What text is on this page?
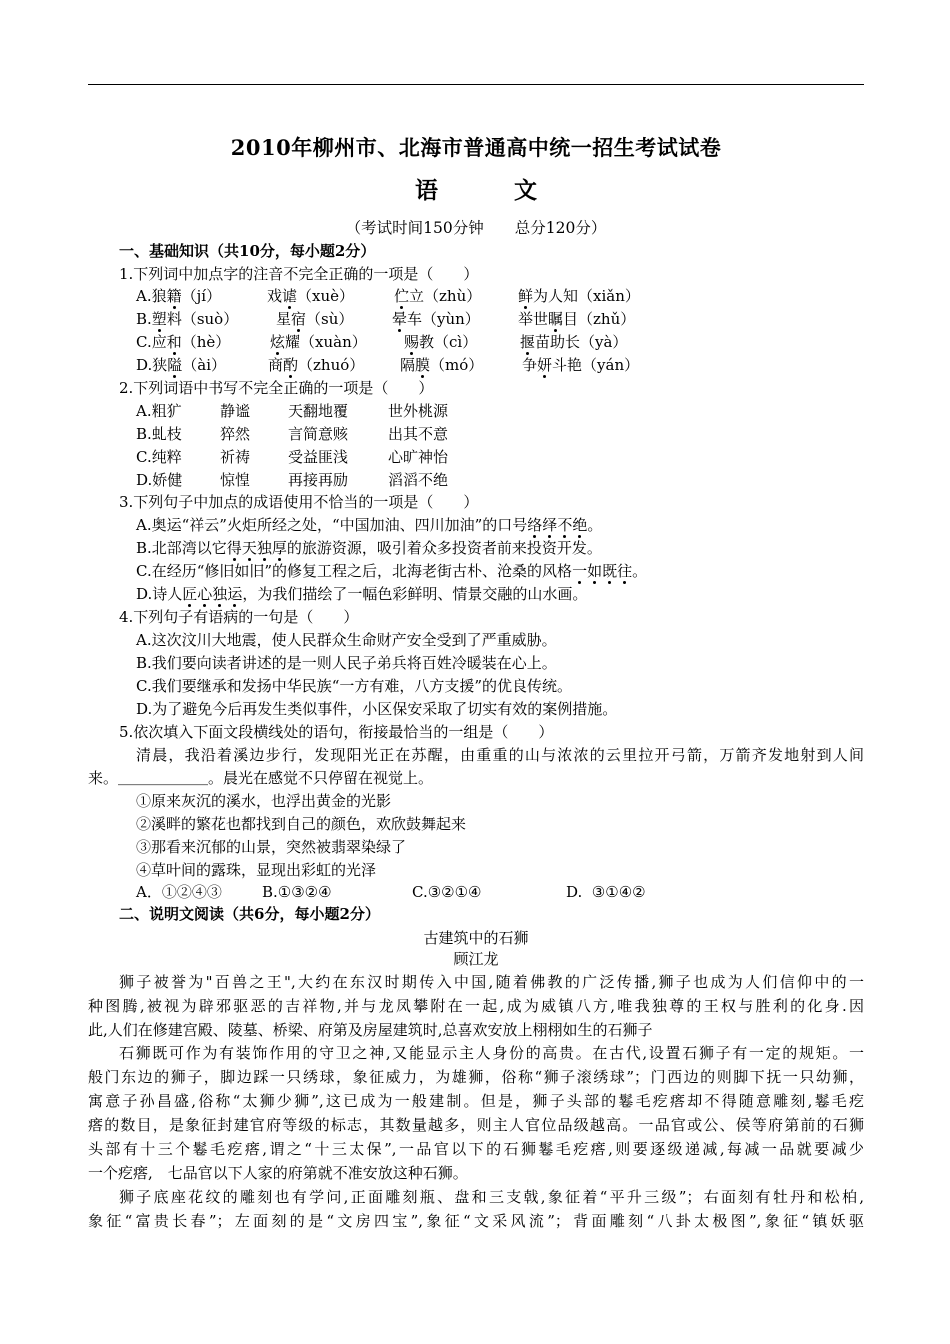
2010年柳州市、北海市普通高中统一招生考试试卷
语	文
（考试时间150分钟　　总分120分）
一、基础知识（共10分，每小题2分）
1.下列词中加点字的注音不完全正确的一项是（　　）
A.狼籍（jí）	戏谑（xuè）	伫立（zhù） 鲜为人知（xiǎn）
B.塑料（suò）	星宿（sù）	晕车（yùn）	举世瞩目（zhǔ）
C.应和（hè）	炫耀（xuàn） 赐教（cì）	揠苗助长（yà）
D.狭隘（ài）	商酌（zhuó） 隔膜（mó）	争妍斗艳（yán）
2.下列词语中书写不完全正确的一项是（　　）
A.粗犷	静谧	天翻地覆	世外桃源
B.虬枝	猝然	言简意赅	出其不意
C.纯粹	祈祷	受益匪浅	心旷神怡
D.娇健	惊惶	再接再励	滔滔不绝
3.下列句子中加点的成语使用不恰当的一项是（　　）
A.奥运“祥云”火炬所经之处，“中国加油、四川加油”的口号络绎不绝。
B.北部湾以它得天独厚的旅游资源，吸引着众多投资者前来投资开发。
C.在经历“修旧如旧”的修复工程之后，北海老街古朴、沧桑的风格一如既往。
D.诗人匠心独运，为我们描绘了一幅色彩鲜明、情景交融的山水画。
4.下列句子有语病的一句是（　　）
A.这次汶川大地震，使人民群众生命财产安全受到了严重威胁。
B.我们要向读者讲述的是一则人民子弟兵将百姓冷暖装在心上。
C.我们要继承和发扬中华民族“一方有难，八方支援”的优良传统。
D.为了避免今后再发生类似事件，小区保安采取了切实有效的案例措施。
5.依次填入下面文段横线处的语句，衔接最恰当的一组是（　　）
清晨，我沿着溪边步行，发现阳光正在苏醒，由重重的山与浓浓的云里拉开弓箭，万箭齐发地射到人间
来。＿＿＿＿＿＿。晨光在感觉不只停留在视觉上。
①原来灰沉的溪水，也浮出黄金的光影
②溪畔的繁花也都找到自己的颜色，欢欣鼓舞起来
③那看来沉郁的山景，突然被翡翠染绿了
④草叶间的露珠，显现出彩虹的光泽
A．①②④③	B.①③②④	C.③②①④	D.  ③①④②
二、说明文阅读（共6分，每小题2分）
古建筑中的石狮
顾江龙
狮子被誉为"百兽之王",大约在东汉时期传入中国,随着佛教的广泛传播,狮子也成为人们信仰中的一
种图腾,被视为辟邪驱恶的吉祥物,并与龙凤攀附在一起,成为威镇八方,唯我独尊的王权与胜利的化身.因
此,人们在修建宫殿、陵墓、桥梁、府第及房屋建筑时,总喜欢安放上栩栩如生的石狮子
石狮既可作为有装饰作用的守卫之神,又能显示主人身份的高贵。在古代,设置石狮子有一定的规矩。一
般门东边的狮子，脚边踩一只绣球，象征威力，为雄狮，俗称“狮子滚绣球”；门西边的则脚下抚一只幼狮，
寓意子孙昌盛,俗称“太狮少狮”,这已成为一般建制。但是，狮子头部的鬈毛疙瘩却不得随意雕刻,鬈毛疙
瘩的数目，是象征封建官府等级的标志，其数量越多，则主人官位品级越高。一品官或公、侯等府第前的石狮
头部有十三个鬈毛疙瘩,谓之“十三太保”,一品官以下的石狮鬈毛疙瘩,则要逐级递减,每减一品就要减少
一个疙瘩,　七品官以下人家的府第就不准安放这种石狮。
狮子底座花纹的雕刻也有学问,正面雕刻瓶、盘和三支戟,象征着“平升三级”；右面刻有牡丹和松柏,
象征“富贵长春”；左面刻的是“文房四宝”,象征“文采风流”；背面雕刻“八卦太极图”,象征“镇妖驱
